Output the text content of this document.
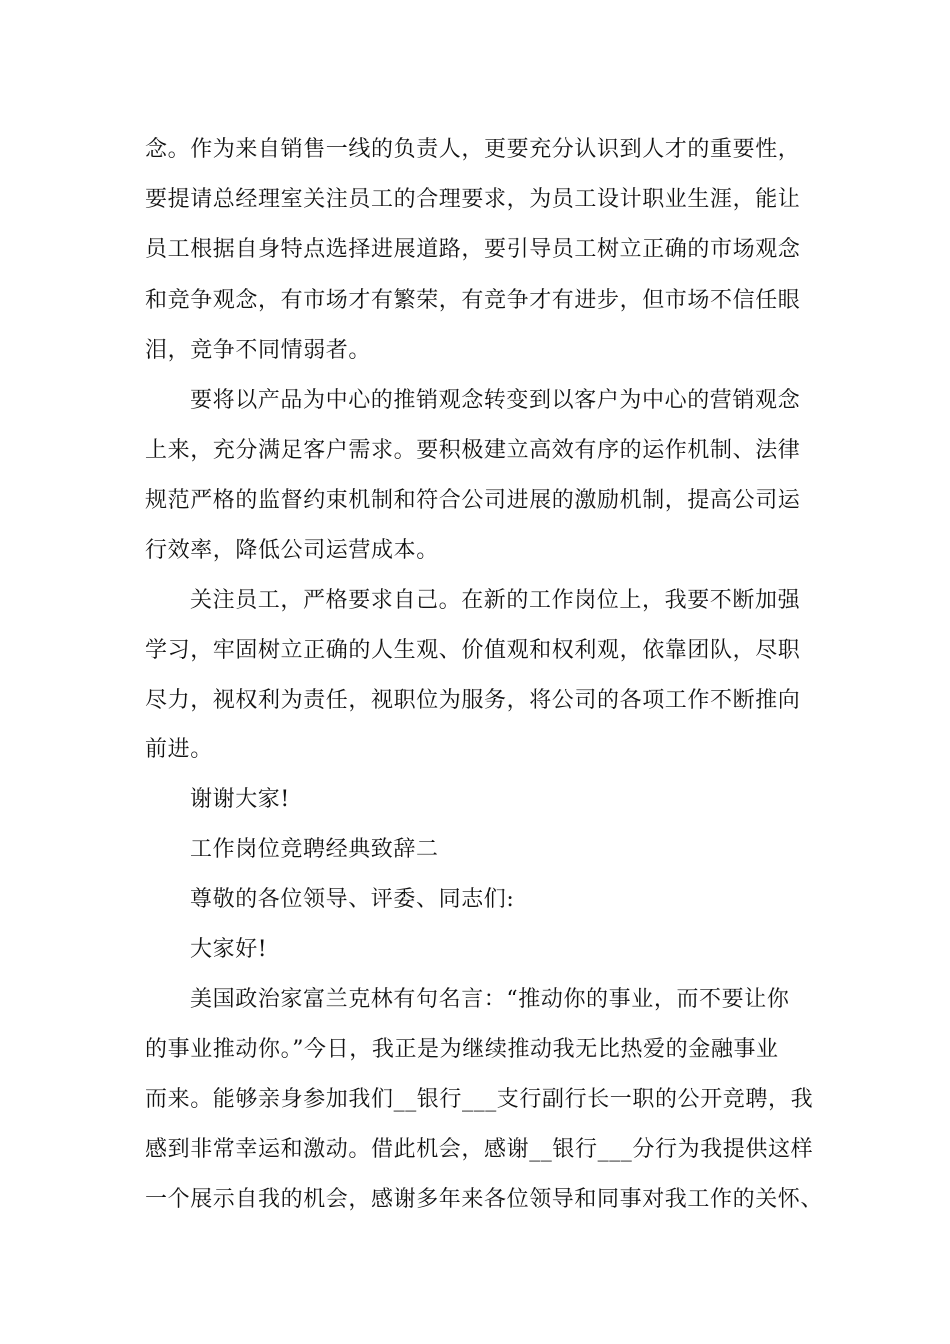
念。作为来自销售一线的负责人，更要充分认识到人才的重要性，
要提请总经理室关注员工的合理要求，为员工设计职业生涯，能让
员工根据自身特点选择进展道路，要引导员工树立正确的市场观念
和竞争观念，有市场才有繁荣，有竞争才有进步，但市场不信任眼
泪，竞争不同情弱者。
要将以产品为中心的推销观念转变到以客户为中心的营销观念
上来，充分满足客户需求。要积极建立高效有序的运作机制、法律
规范严格的监督约束机制和符合公司进展的激励机制，提高公司运
行效率，降低公司运营成本。
关注员工，严格要求自己。在新的工作岗位上，我要不断加强
学习，牢固树立正确的人生观、价值观和权利观，依靠团队，尽职
尽力，视权利为责任，视职位为服务，将公司的各项工作不断推向
前进。
谢谢大家!
工作岗位竞聘经典致辞二
尊敬的各位领导、评委、同志们:
大家好!
美国政治家富兰克林有句名言：“推动你的事业，而不要让你
的事业推动你。”今日，我正是为继续推动我无比热爱的金融事业
而来。能够亲身参加我们__银行___支行副行长一职的公开竞聘，我
感到非常幸运和激动。借此机会，感谢__银行___分行为我提供这样
一个展示自我的机会，感谢多年来各位领导和同事对我工作的关怀、
